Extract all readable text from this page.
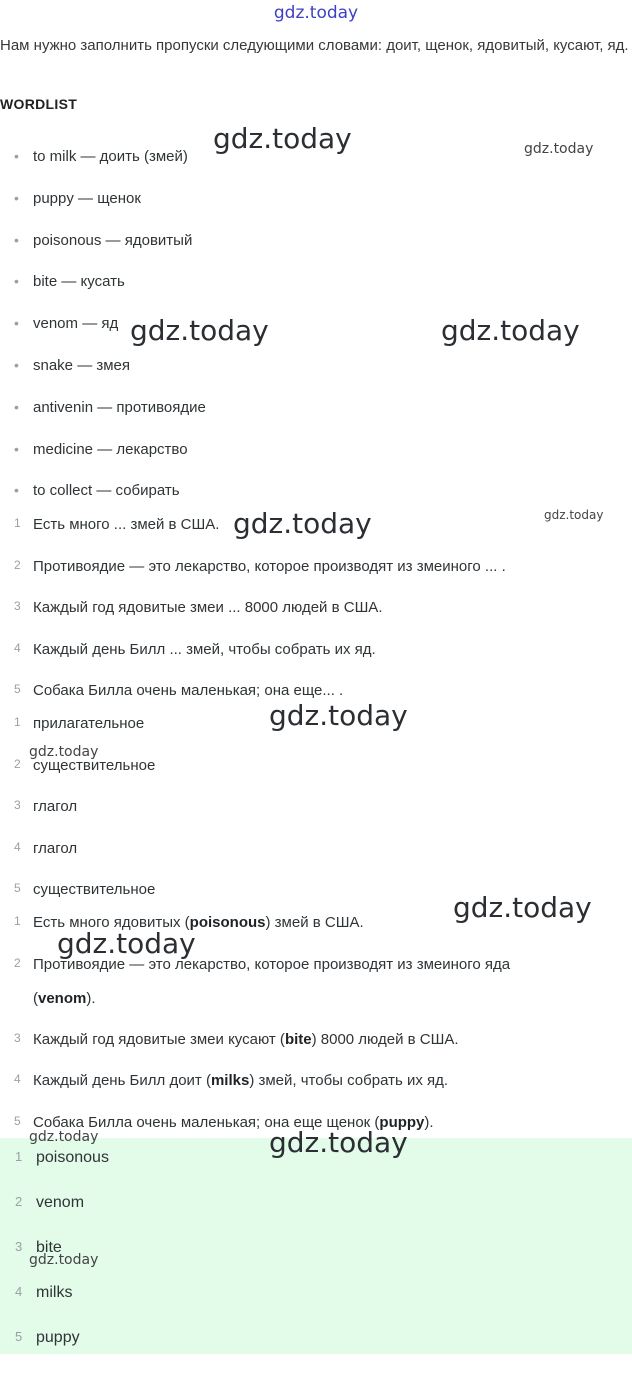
gdz.today
Нам нужно заполнить пропуски следующими словами: доит, щенок, ядовитый, кусают, яд.
WORDLIST
• to milk — доить (змей)
• puppy — щенок
• poisonous — ядовитый
• bite — кусать
• venom — яд
• snake — змея
• antivenin — противоядие
• medicine — лекарство
• to collect — собирать
1 Есть много ... змей в США.
2 Противоядие — это лекарство, которое производят из змеиного ... .
3 Каждый год ядовитые змеи ... 8000 людей в США.
4 Каждый день Билл ... змей, чтобы собрать их яд.
5 Собака Билла очень маленькая; она еще... .
1 прилагательное
2 существительное
3 глагол
4 глагол
5 существительное
1 Есть много ядовитых (poisonous) змей в США.
2 Противоядие — это лекарство, которое производят из змеиного яда
(venom).
3 Каждый год ядовитые змеи кусают (bite) 8000 людей в США.
4 Каждый день Билл доит (milks) змей, чтобы собрать их яд.
5 Собака Билла очень маленькая; она еще щенок (puppy).
1 poisonous
2 venom
3 bite
4 milks
5 puppy
gdz.today	gdz.today
gdz.today	gdz.today
gdz.today	gdz.today
gdz.today
gdz.today
gdz.today
gdz.today
gdz.today	gdz.today
gdz.today
